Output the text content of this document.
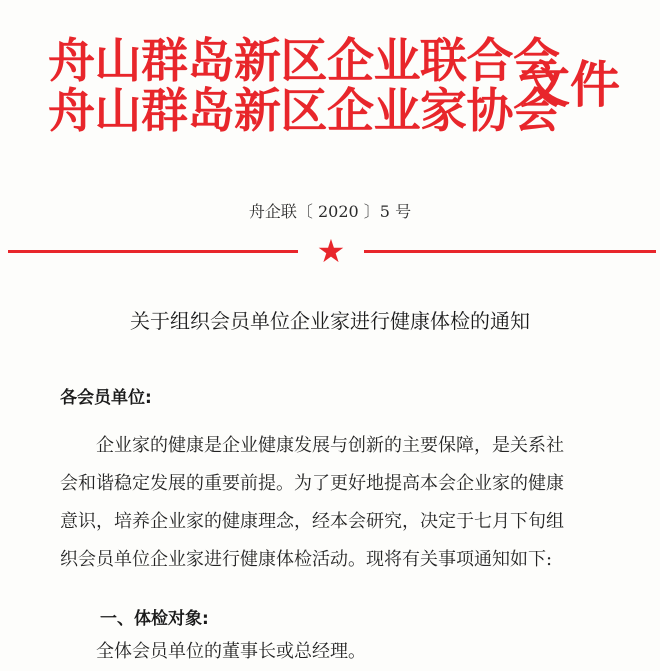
舟山群岛新区企业联合会
舟山群岛新区企业家协会
文件
舟企联〔 2020 〕5 号
★
关于组织会员单位企业家进行健康体检的通知
各会员单位:
企业家的健康是企业健康发展与创新的主要保障，是关系社
会和谐稳定发展的重要前提。为了更好地提高本会企业家的健康
意识，培养企业家的健康理念，经本会研究，决定于七月下旬组
织会员单位企业家进行健康体检活动。现将有关事项通知如下:
一、体检对象:
全体会员单位的董事长或总经理。
